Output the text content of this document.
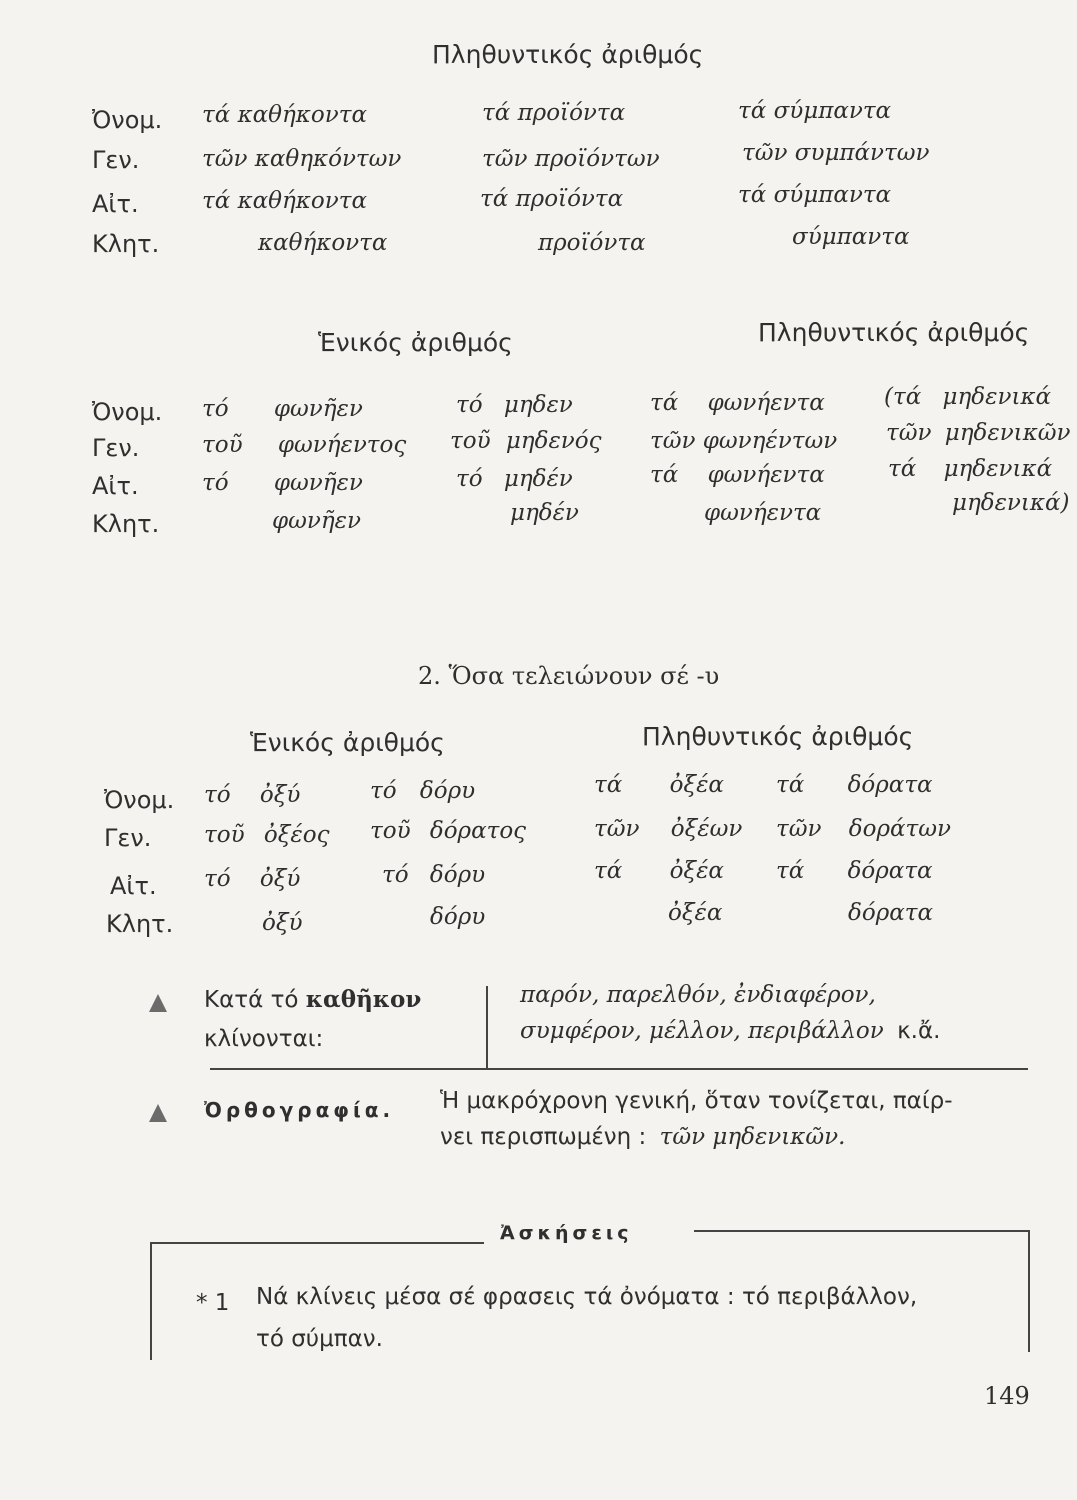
Πληθυντικός ἀριθμός
Ὀνομ.
Γεν.
Αἰτ.
Κλητ.
τά καθήκοντα
τῶν καθηκόντων
τά καθήκοντα
καθήκοντα
τά προϊόντα
τῶν προϊόντων
τά προϊόντα
προϊόντα
τά σύμπαντα
τῶν συμπάντων
τά σύμπαντα
σύμπαντα
Ἑνικός ἀριθμός	Πληθυντικός ἀριθμός
Ὀνομ.
Γεν.
Αἰτ.
Κλητ.
τό φωνῆεν
τοῦ φωνήεντος
τό φωνῆεν
φωνῆεν
τό μηδεν
τοῦ μηδενός
τό μηδέν
μηδέν
τά φωνήεντα
τῶν φωνηέντων
τά φωνήεντα
φωνήεντα
(τά μηδενικά
τῶν μηδενικῶν
τά μηδενικά
μηδενικά)
2. Ὅσα τελειώνουν σέ -υ
Ἑνικός ἀριθμός	Πληθυντικός ἀριθμός
Ὀνομ.
Γεν.
Αἰτ.
Κλητ.
τό ὀξύ
τοῦ ὀξέος
τό ὀξύ
ὀξύ
τό δόρυ
τοῦ δόρατος
τό δόρυ
δόρυ
τά ὀξέα
τῶν ὀξέων
τά ὀξέα
ὀξέα
τά δόρατα
τῶν δοράτων
τά δόρατα
δόρατα
Κατά τό καθῆκον
κλίνονται:
παρόν, παρελθόν, ἐνδιαφέρον,
συμφέρον, μέλλον, περιβάλλον κ.ἄ.
Ὀρθογραφία. Ἡ μακρόχρονη γενική, ὅταν τονίζεται, παίρ-
νει περισπωμένη : τῶν μηδενικῶν.
Ἀσκήσεις
* 1 Νά κλίνεις μέσα σέ φρασεις τά ὀνόματα : τό περιβάλλον,
τό σύμπαν.
149
